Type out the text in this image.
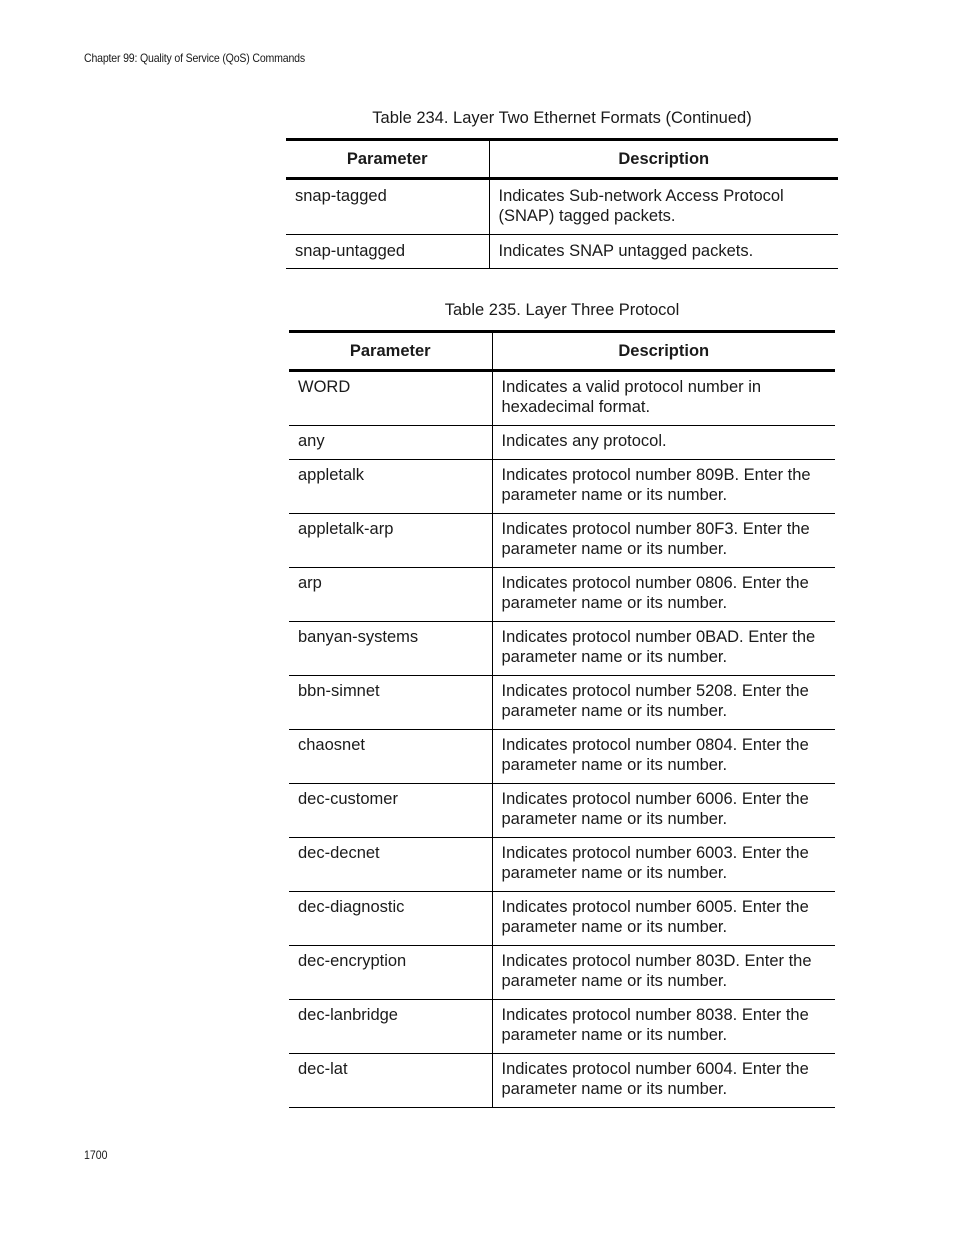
Chapter 99: Quality of Service (QoS) Commands
Table 234. Layer Two Ethernet Formats (Continued)
Parameter	Description
snap-tagged	Indicates Sub-network Access Protocol (SNAP) tagged packets.
snap-untagged	Indicates SNAP untagged packets.
Table 235. Layer Three Protocol
Parameter	Description
WORD	Indicates a valid protocol number in hexadecimal format.
any	Indicates any protocol.
appletalk	Indicates protocol number 809B. Enter the parameter name or its number.
appletalk-arp	Indicates protocol number 80F3. Enter the parameter name or its number.
arp	Indicates protocol number 0806. Enter the parameter name or its number.
banyan-systems	Indicates protocol number 0BAD. Enter the parameter name or its number.
bbn-simnet	Indicates protocol number 5208. Enter the parameter name or its number.
chaosnet	Indicates protocol number 0804. Enter the parameter name or its number.
dec-customer	Indicates protocol number 6006. Enter the parameter name or its number.
dec-decnet	Indicates protocol number 6003. Enter the parameter name or its number.
dec-diagnostic	Indicates protocol number 6005. Enter the parameter name or its number.
dec-encryption	Indicates protocol number 803D. Enter the parameter name or its number.
dec-lanbridge	Indicates protocol number 8038. Enter the parameter name or its number.
dec-lat	Indicates protocol number 6004. Enter the parameter name or its number.
1700
